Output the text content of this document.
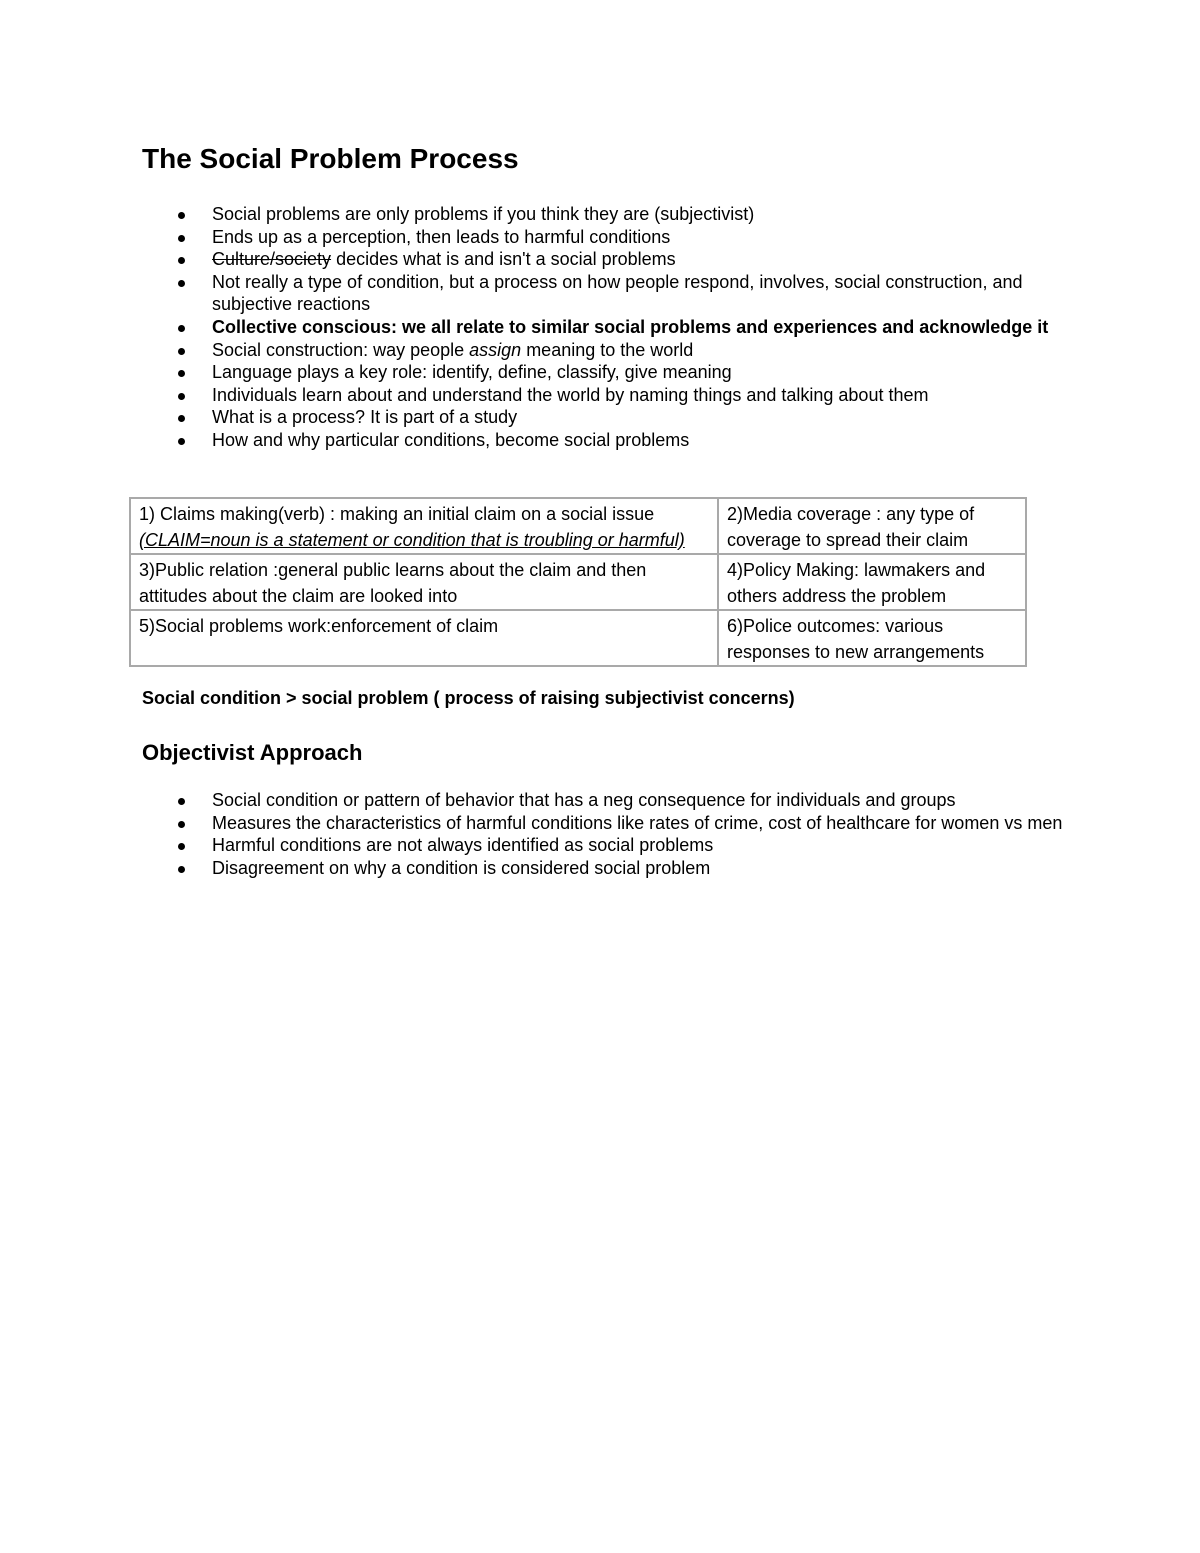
The Social Problem Process
Social problems are only problems if you think they are (subjectivist)
Ends up as a perception, then leads to harmful conditions
Culture/society decides what is and isn't a social problems
Not really a type of condition, but a process on how people respond, involves, social construction, and subjective reactions
Collective conscious: we all relate to similar social problems and experiences and acknowledge it
Social construction: way people assign meaning to the world
Language plays a key role: identify, define, classify, give meaning
Individuals learn about and understand the world by naming things and talking about them
What is a process? It is part of a study
How and why particular conditions, become social problems
1) Claims making(verb) : making an initial claim on a social issue
(CLAIM=noun is a statement or condition that is troubling or harmful)	2)Media coverage : any type of coverage to spread their claim
3)Public relation :general public learns about the claim and then attitudes about the claim are looked into	4)Policy Making: lawmakers and others address the problem
5)Social problems work:enforcement of claim	6)Police outcomes: various responses to new arrangements

Social condition > social problem ( process of raising subjectivist concerns)

Objectivist Approach
Social condition or pattern of behavior that has a neg consequence for individuals and groups
Measures the characteristics of harmful conditions like rates of crime, cost of healthcare for women vs men
Harmful conditions are not always identified as social problems
Disagreement on why a condition is considered social problem
